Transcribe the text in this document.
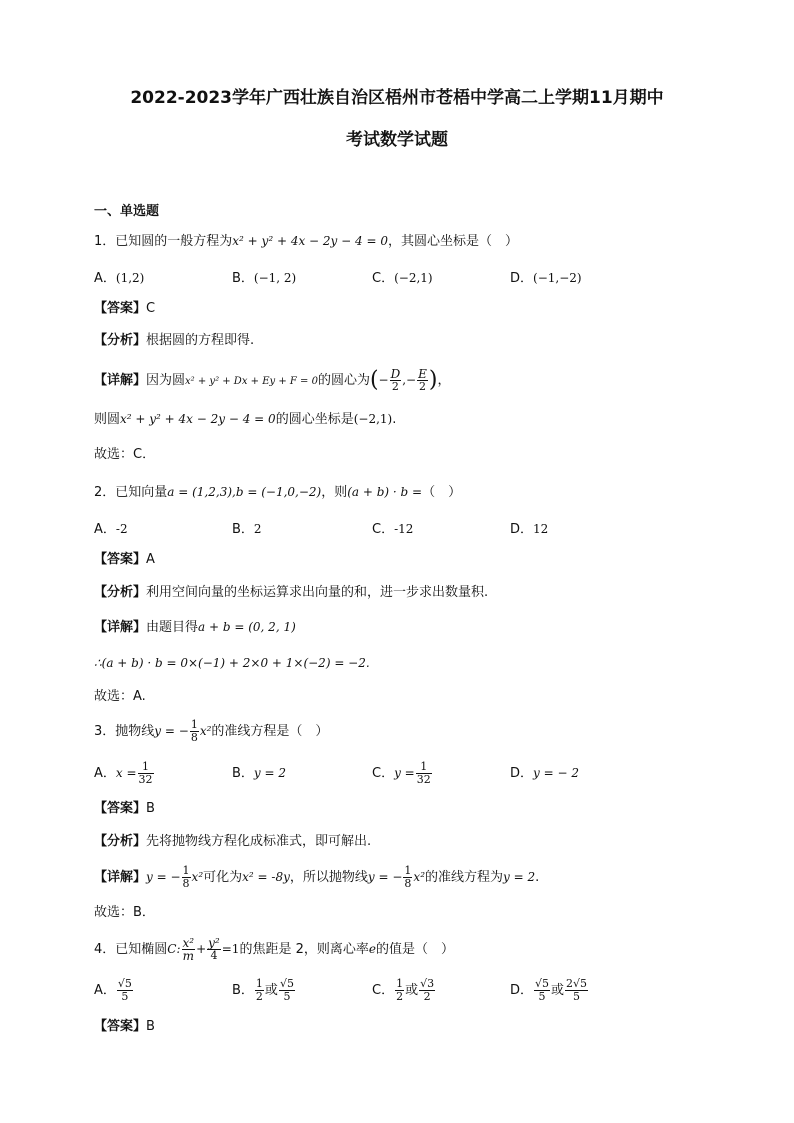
2022-2023学年广西壮族自治区梧州市苍梧中学高二上学期11月期中
考试数学试题
一、单选题
1．已知圆的一般方程为x² + y² + 4x − 2y − 4 = 0，其圆心坐标是（　）
A．(1,2)	B．(−1, 2)	C．(−2,1)	D．(−1,−2)
【答案】C
【分析】根据圆的方程即得.
【详解】因为圆x² + y² + Dx + Ey + F = 0的圆心为(− $\frac{D}{2}$ ,− $\frac{E}{2}$ )，
则圆x² + y² + 4x − 2y − 4 = 0的圆心坐标是(−2,1).
故选：C．
2．已知向量a = (1,2,3),b = (−1,0,−2)，则(a + b) · b =（　）
A．-2	B．2	C．-12	D．12
【答案】A
【分析】利用空间向量的坐标运算求出向量的和，进一步求出数量积.
【详解】由题目得a + b = (0, 2, 1)
∴(a + b) · b = 0×(−1) + 2×0 + 1×(−2) = −2.
故选：A.
3．抛物线y = − $\frac{1}{8} x^2$的准线方程是（　）
A．$x = \frac{1}{32}$	B．y = 2	C．$y = \frac{1}{32}$	D．y = − 2
【答案】B
【分析】先将抛物线方程化成标准式，即可解出.
【详解】y = − $\frac{1}{8} x^2$可化为x² = -8y，所以抛物线y = − $\frac{1}{8} x^2$的准线方程为y = 2.
故选：B．
4．已知椭圆C: $\frac{\text{x²}}{m} + \frac{\text{y²}}{4} =1$的焦距是 2，则离心率e的值是（　）
A． $\frac{√5}{5}$	B． $\frac{1}{2}$ 或 $\frac{√5}{5}$	C． $\frac{1}{2}$ 或 $\frac{√3}{2}$	D． $\frac{√5}{5}$ 或 $\frac{2√5}{5}$
【答案】B
